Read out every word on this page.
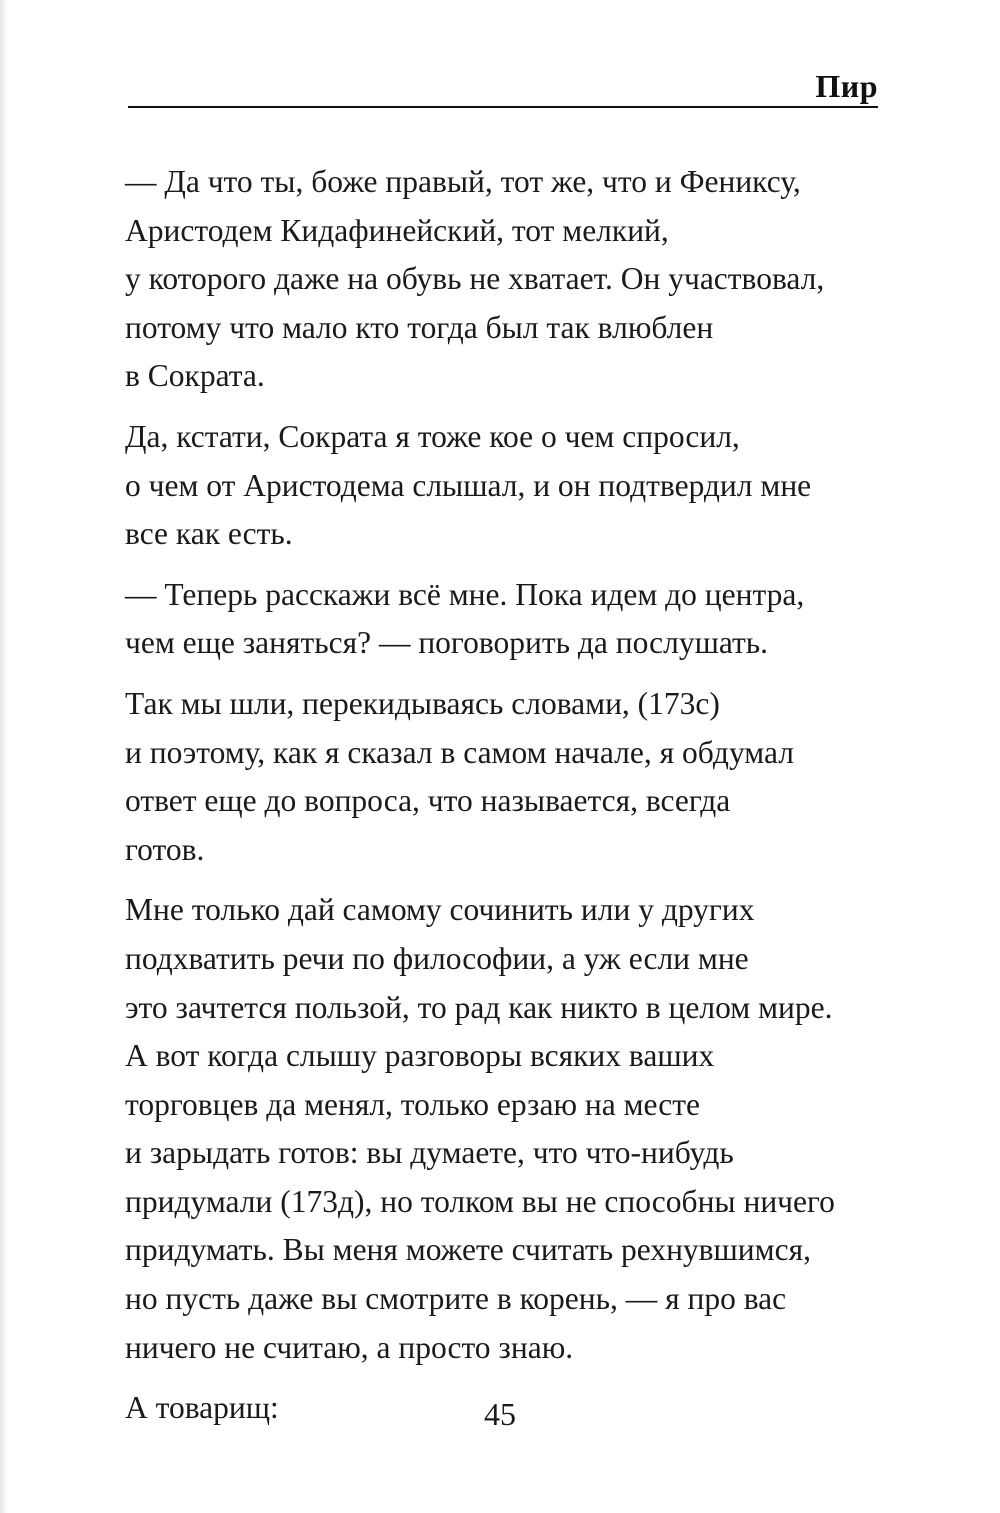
Пир

— Да что ты, боже правый, тот же, что и Фениксу,
Аристодем Кидафинейский, тот мелкий,
у которого даже на обувь не хватает. Он участвовал,
потому что мало кто тогда был так влюблен
в Сократа.

Да, кстати, Сократа я тоже кое о чем спросил,
о чем от Аристодема слышал, и он подтвердил мне
все как есть.

— Теперь расскажи всё мне. Пока идем до центра,
чем еще заняться? — поговорить да послушать.

Так мы шли, перекидываясь словами, (173с)
и поэтому, как я сказал в самом начале, я обдумал
ответ еще до вопроса, что называется, всегда
готов.

Мне только дай самому сочинить или у других
подхватить речи по философии, а уж если мне
это зачтется пользой, то рад как никто в целом мире.
А вот когда слышу разговоры всяких ваших
торговцев да менял, только ерзаю на месте
и зарыдать готов: вы думаете, что что-нибудь
придумали (173д), но толком вы не способны ничего
придумать. Вы меня можете считать рехнувшимся,
но пусть даже вы смотрите в корень, — я про вас
ничего не считаю, а просто знаю.

А товарищ:	45
